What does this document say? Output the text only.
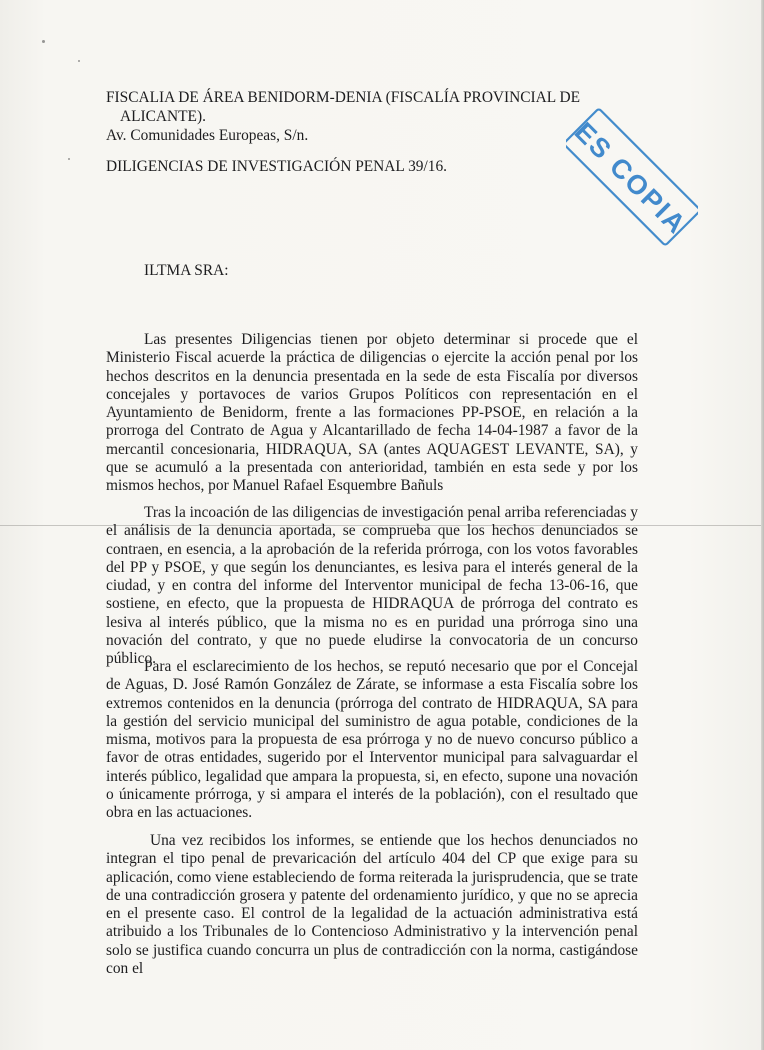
FISCALIA DE ÁREA BENIDORM-DENIA (FISCALÍA PROVINCIAL DE
ALICANTE).
Av. Comunidades Europeas, S/n.
DILIGENCIAS DE INVESTIGACIÓN PENAL 39/16.	ES COPIA
ILTMA SRA:

Las presentes Diligencias tienen por objeto determinar si procede que el Ministerio Fiscal acuerde la práctica de diligencias o ejercite la acción penal por los hechos descritos en la denuncia presentada en la sede de esta Fiscalía por diversos concejales y portavoces de varios Grupos Políticos con representación en el Ayuntamiento de Benidorm, frente a las formaciones PP-PSOE, en relación a la prorroga del Contrato de Agua y Alcantarillado de fecha 14-04-1987 a favor de la mercantil concesionaria, HIDRAQUA, SA (antes AQUAGEST LEVANTE, SA), y que se acumuló a la presentada con anterioridad, también en esta sede y por los mismos hechos, por Manuel Rafael Esquembre Bañuls

Tras la incoación de las diligencias de investigación penal arriba referenciadas y el análisis de la denuncia aportada, se comprueba que los hechos denunciados se contraen, en esencia, a la aprobación de la referida prórroga, con los votos favorables del PP y PSOE, y que según los denunciantes, es lesiva para el interés general de la ciudad, y en contra del informe del Interventor municipal de fecha 13-06-16, que sostiene, en efecto, que la propuesta de HIDRAQUA de prórroga del contrato es lesiva al interés público, que la misma no es en puridad una prórroga sino una novación del contrato, y que no puede eludirse la convocatoria de un concurso público.

Para el esclarecimiento de los hechos, se reputó necesario que por el Concejal de Aguas, D. José Ramón González de Zárate, se informase a esta Fiscalía sobre los extremos contenidos en la denuncia (prórroga del contrato de HIDRAQUA, SA para la gestión del servicio municipal del suministro de agua potable, condiciones de la misma, motivos para la propuesta de esa prórroga y no de nuevo concurso público a favor de otras entidades, sugerido por el Interventor municipal para salvaguardar el interés público, legalidad que ampara la propuesta, si, en efecto, supone una novación o únicamente prórroga, y si ampara el interés de la población), con el resultado que obra en las actuaciones.

Una vez recibidos los informes, se entiende que los hechos denunciados no integran el tipo penal de prevaricación del artículo 404 del CP que exige para su aplicación, como viene estableciendo de forma reiterada la jurisprudencia, que se trate de una contradicción grosera y patente del ordenamiento jurídico, y que no se aprecia en el presente caso. El control de la legalidad de la actuación administrativa está atribuido a los Tribunales de lo Contencioso Administrativo y la intervención penal solo se justifica cuando concurra un plus de contradicción con la norma, castigándose con el
